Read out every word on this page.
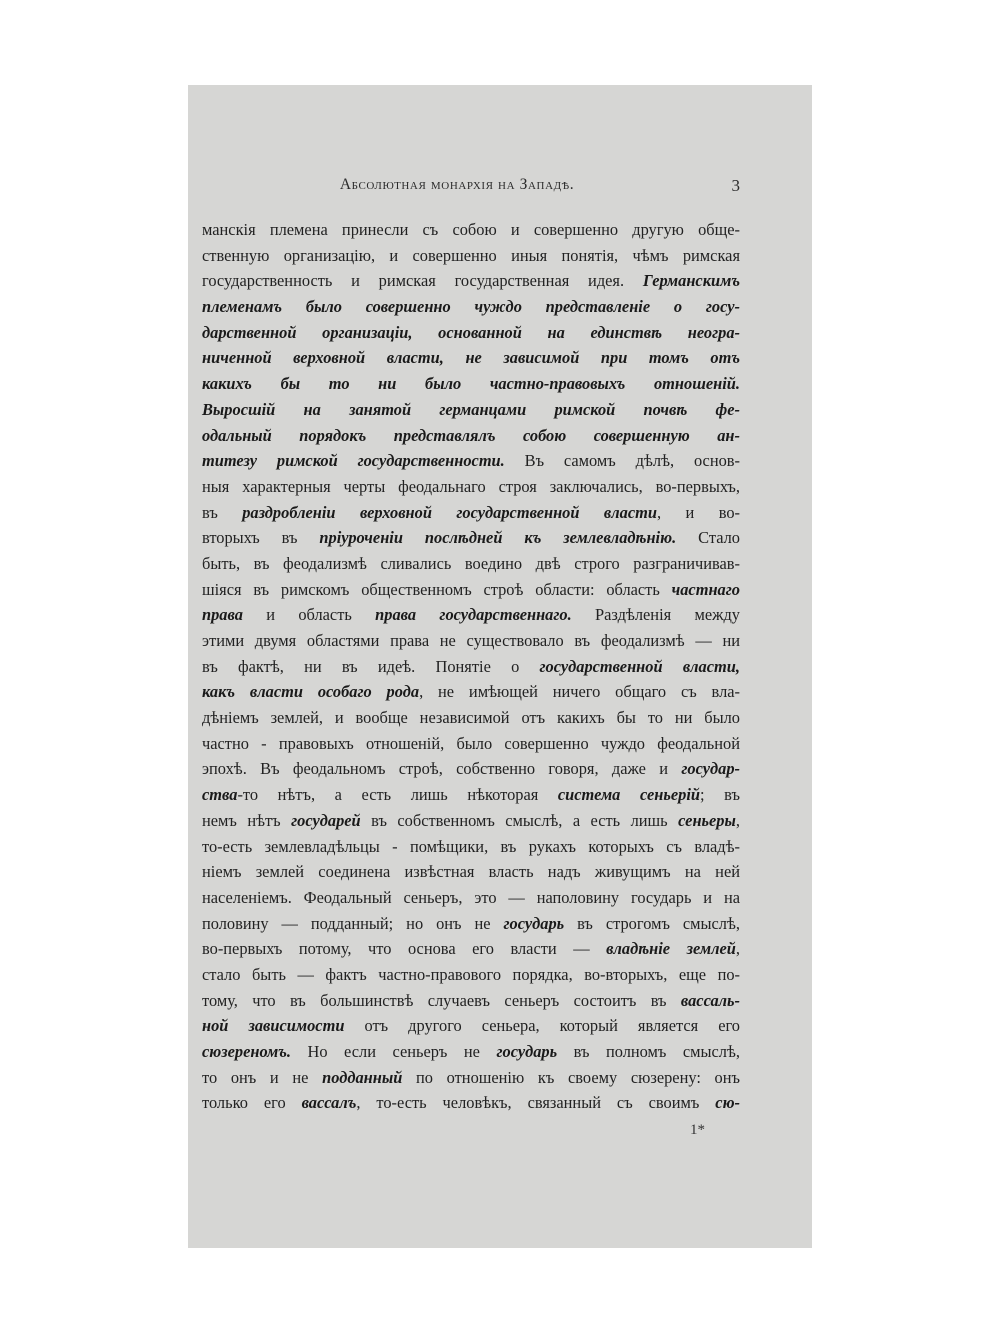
Абсолютная монархія на Западѣ.	3
манскія племена принесли съ собою и совершенно другую обще-
ственную организацію, и совершенно иныя понятія, чѣмъ римская
государственность и римская государственная идея. Германскимъ
племенамъ было совершенно чуждо представленіе о госу-
дарственной организаціи, основанной на единствѣ неогра-
ниченной верховной власти, не зависимой при томъ отъ
какихъ бы то ни было частно-правовыхъ отношеній.
Выросшій на занятой германцами римской почвѣ фе-
одальный порядокъ представлялъ собою совершенную ан-
титезу римской государственности. Въ самомъ дѣлѣ, основ-
ныя характерныя черты феодальнаго строя заключались, во-первыхъ,
въ раздробленіи верховной государственной власти, и во-
вторыхъ въ пріуроченіи послѣдней къ землевладѣнію. Стало
быть, въ феодализмѣ сливались воедино двѣ строго разграничивав-
шіяся въ римскомъ общественномъ строѣ области: область частнаго
права и область права государственнаго. Раздѣленія между
этими двумя областями права не существовало въ феодализмѣ — ни
въ фактѣ, ни въ идеѣ. Понятіе о государственной власти,
какъ власти особаго рода, не имѣющей ничего общаго съ вла-
дѣніемъ землей, и вообще независимой отъ какихъ бы то ни было
частно - правовыхъ отношеній, было совершенно чуждо феодальной
эпохѣ. Въ феодальномъ строѣ, собственно говоря, даже и государ-
ства-то нѣтъ, а есть лишь нѣкоторая система сеньерій; въ
немъ нѣтъ государей въ собственномъ смыслѣ, а есть лишь сеньеры,
то-есть землевладѣльцы - помѣщики, въ рукахъ которыхъ съ владѣ-
ніемъ землей соединена извѣстная власть надъ живущимъ на ней
населеніемъ. Феодальный сеньеръ, это — наполовину государь и на
половину — подданный; но онъ не государь въ строгомъ смыслѣ,
во-первыхъ потому, что основа его власти — владѣніе землей,
стало быть — фактъ частно-правового порядка, во-вторыхъ, еще по-
тому, что въ большинствѣ случаевъ сеньеръ состоитъ въ вассаль-
ной зависимости отъ другого сеньера, который является его
сюзереномъ. Но если сеньеръ не государь въ полномъ смыслѣ,
то онъ и не подданный по отношенію къ своему сюзерену: онъ
только его вассалъ, то-есть человѣкъ, связанный съ своимъ сю-
1*
